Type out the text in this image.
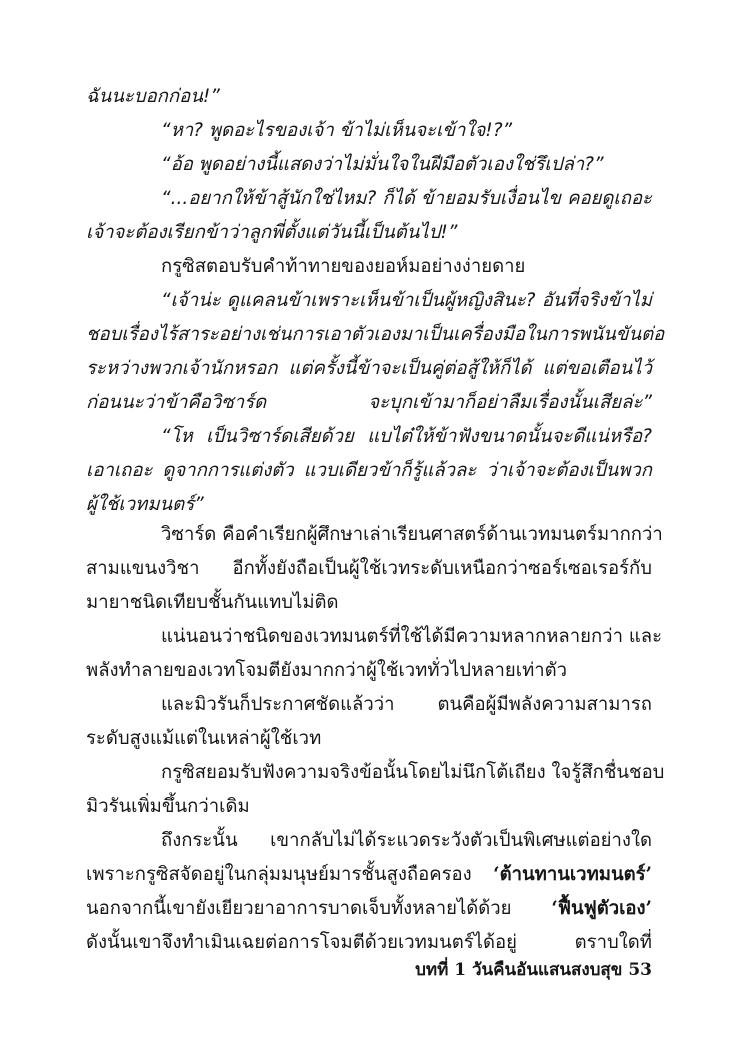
ฉันนะบอกก่อน!”

“หา? พูดอะไรของเจ้า ข้าไม่เห็นจะเข้าใจ!?”

“อ้อ พูดอย่างนี้แสดงว่าไม่มั่นใจในฝีมือตัวเองใช่รึเปล่า?”

“...อยากให้ข้าสู้นักใช่ไหม? ก็ได้ ข้ายอมรับเงื่อนไข คอยดูเถอะ

เจ้าจะต้องเรียกข้าว่าลูกพี่ตั้งแต่วันนี้เป็นต้นไป!”

กรูซิสตอบรับคำท้าทายของยอห์มอย่างง่ายดาย

“เจ้าน่ะ ดูแคลนข้าเพราะเห็นข้าเป็นผู้หญิงสินะ? อันที่จริงข้าไม่

ชอบเรื่องไร้สาระอย่างเช่นการเอาตัวเองมาเป็นเครื่องมือในการพนันขันต่อ

ระหว่างพวกเจ้านักหรอก แต่ครั้งนี้ข้าจะเป็นคู่ต่อสู้ให้ก็ได้ แต่ขอเตือนไว้

ก่อนนะว่าข้าคือวิซาร์ด จะบุกเข้ามาก็อย่าลืมเรื่องนั้นเสียล่ะ”

“โห เป็นวิซาร์ดเสียด้วย แบไต๋ให้ข้าฟังขนาดนั้นจะดีแน่หรือ?

เอาเถอะ ดูจากการแต่งตัว แวบเดียวข้าก็รู้แล้วละ ว่าเจ้าจะต้องเป็นพวก

ผู้ใช้เวทมนตร์”

วิซาร์ด คือคำเรียกผู้ศึกษาเล่าเรียนศาสตร์ด้านเวทมนตร์มากกว่า

สามแขนงวิชา อีกทั้งยังถือเป็นผู้ใช้เวทระดับเหนือกว่าซอร์เซอเรอร์กับ

มายาชนิดเทียบชั้นกันแทบไม่ติด

แน่นอนว่าชนิดของเวทมนตร์ที่ใช้ได้มีความหลากหลายกว่า และ

พลังทำลายของเวทโจมตียังมากกว่าผู้ใช้เวททั่วไปหลายเท่าตัว

และมิวรันก็ประกาศชัดแล้วว่า ตนคือผู้มีพลังความสามารถ

ระดับสูงแม้แต่ในเหล่าผู้ใช้เวท

กรูซิสยอมรับฟังความจริงข้อนั้นโดยไม่นึกโต้เถียง ใจรู้สึกชื่นชอบ

มิวรันเพิ่มขึ้นกว่าเดิม

ถึงกระนั้น เขากลับไม่ได้ระแวดระวังตัวเป็นพิเศษแต่อย่างใด

เพราะกรูซิสจัดอยู่ในกลุ่มมนุษย์มารชั้นสูงถือครอง ‘ต้านทานเวทมนตร์’

นอกจากนี้เขายังเยียวยาอาการบาดเจ็บทั้งหลายได้ด้วย ‘ฟื้นฟูตัวเอง’

ดังนั้นเขาจึงทำเมินเฉยต่อการโจมตีด้วยเวทมนตร์ได้อยู่ ตราบใดที่

บทที่ 1 วันคืนอันแสนสงบสุข 53
